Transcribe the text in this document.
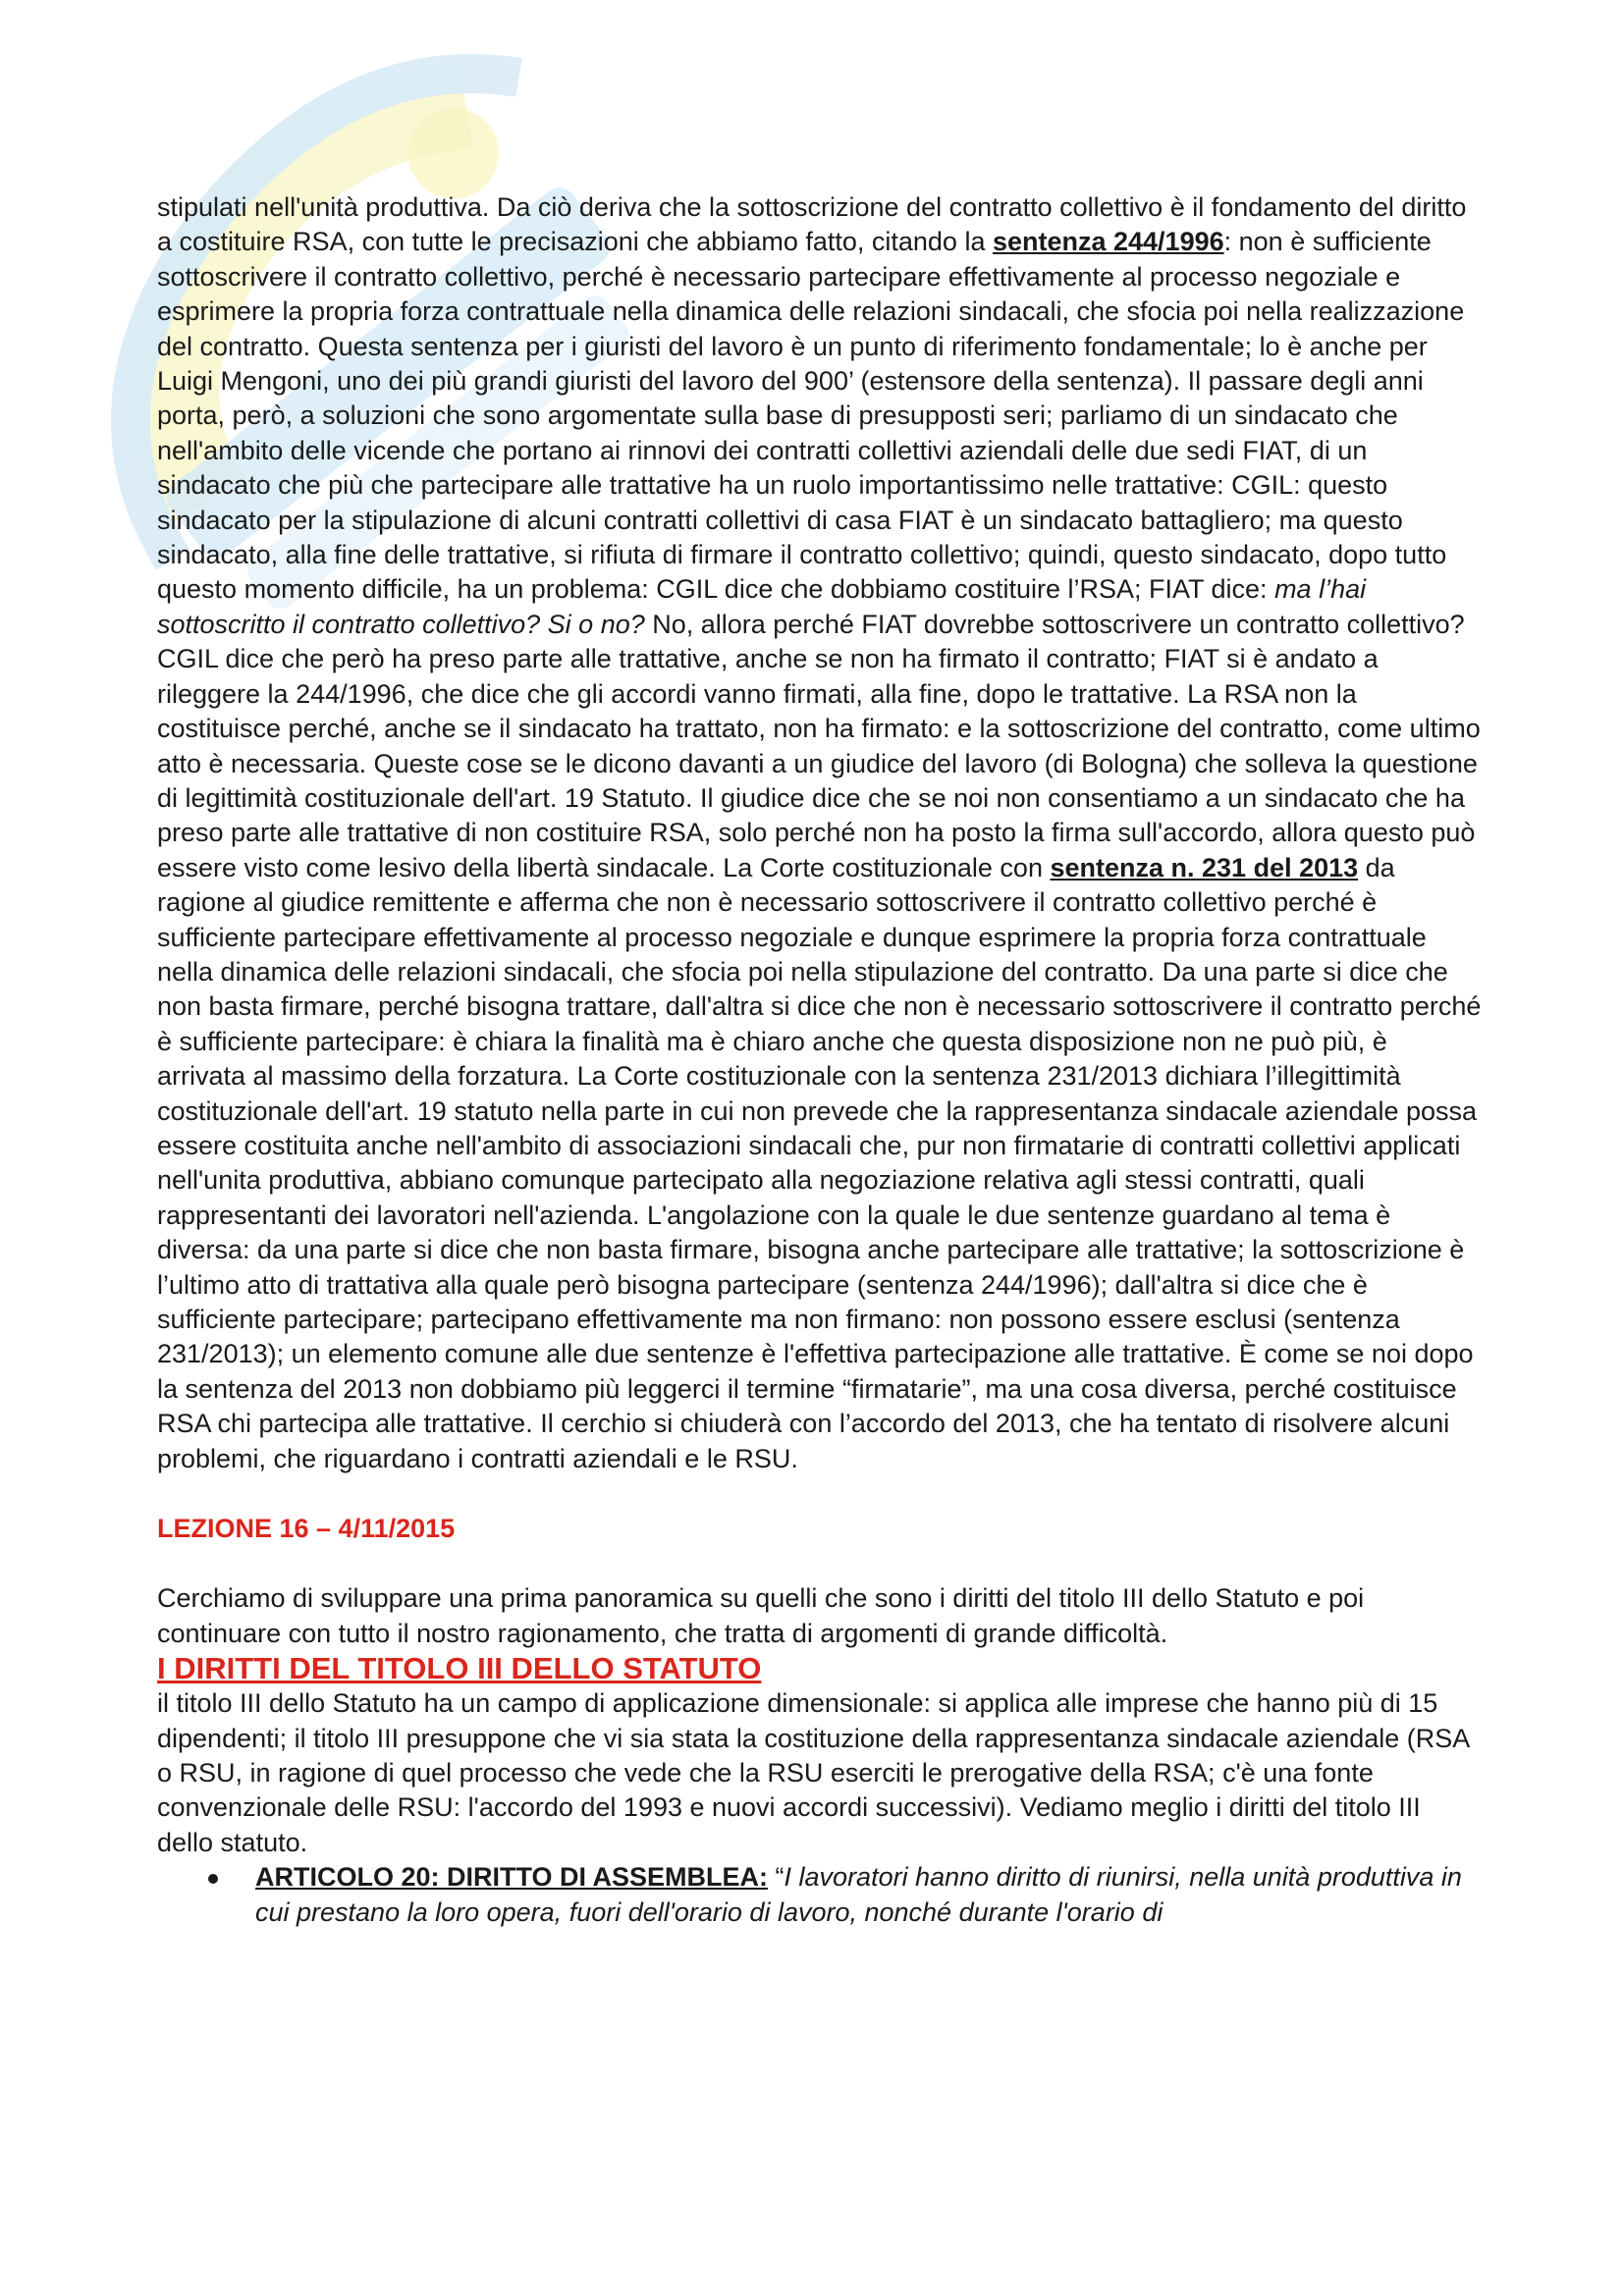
stipulati nell'unità produttiva. Da ciò deriva che la sottoscrizione del contratto collettivo è il fondamento del diritto a costituire RSA, con tutte le precisazioni che abbiamo fatto, citando la sentenza 244/1996: non è sufficiente sottoscrivere il contratto collettivo, perché è necessario partecipare effettivamente al processo negoziale e esprimere la propria forza contrattuale nella dinamica delle relazioni sindacali, che sfocia poi nella realizzazione del contratto. Questa sentenza per i giuristi del lavoro è un punto di riferimento fondamentale; lo è anche per Luigi Mengoni, uno dei più grandi giuristi del lavoro del 900’ (estensore della sentenza). Il passare degli anni porta, però, a soluzioni che sono argomentate sulla base di presupposti seri; parliamo di un sindacato che nell'ambito delle vicende che portano ai rinnovi dei contratti collettivi aziendali delle due sedi FIAT, di un sindacato che più che partecipare alle trattative ha un ruolo importantissimo nelle trattative: CGIL: questo sindacato per la stipulazione di alcuni contratti collettivi di casa FIAT è un sindacato battagliero; ma questo sindacato, alla fine delle trattative, si rifiuta di firmare il contratto collettivo; quindi, questo sindacato, dopo tutto questo momento difficile, ha un problema: CGIL dice che dobbiamo costituire l’RSA; FIAT dice: ma l’hai sottoscritto il contratto collettivo? Si o no? No, allora perché FIAT dovrebbe sottoscrivere un contratto collettivo? CGIL dice che però ha preso parte alle trattative, anche se non ha firmato il contratto; FIAT si è andato a rileggere la 244/1996, che dice che gli accordi vanno firmati, alla fine, dopo le trattative. La RSA non la costituisce perché, anche se il sindacato ha trattato, non ha firmato: e la sottoscrizione del contratto, come ultimo atto è necessaria. Queste cose se le dicono davanti a un giudice del lavoro (di Bologna) che solleva la questione di legittimità costituzionale dell'art. 19 Statuto. Il giudice dice che se noi non consentiamo a un sindacato che ha preso parte alle trattative di non costituire RSA, solo perché non ha posto la firma sull'accordo, allora questo può essere visto come lesivo della libertà sindacale. La Corte costituzionale con sentenza n. 231 del 2013 da ragione al giudice remittente e afferma che non è necessario sottoscrivere il contratto collettivo perché è sufficiente partecipare effettivamente al processo negoziale e dunque esprimere la propria forza contrattuale nella dinamica delle relazioni sindacali, che sfocia poi nella stipulazione del contratto. Da una parte si dice che non basta firmare, perché bisogna trattare, dall'altra si dice che non è necessario sottoscrivere il contratto perché è sufficiente partecipare: è chiara la finalità ma è chiaro anche che questa disposizione non ne può più, è arrivata al massimo della forzatura. La Corte costituzionale con la sentenza 231/2013 dichiara l’illegittimità costituzionale dell'art. 19 statuto nella parte in cui non prevede che la rappresentanza sindacale aziendale possa essere costituita anche nell'ambito di associazioni sindacali che, pur non firmatarie di contratti collettivi applicati nell'unita produttiva, abbiano comunque partecipato alla negoziazione relativa agli stessi contratti, quali rappresentanti dei lavoratori nell'azienda. L'angolazione con la quale le due sentenze guardano al tema è diversa: da una parte si dice che non basta firmare, bisogna anche partecipare alle trattative; la sottoscrizione è l’ultimo atto di trattativa alla quale però bisogna partecipare (sentenza 244/1996); dall'altra si dice che è sufficiente partecipare; partecipano effettivamente ma non firmano: non possono essere esclusi (sentenza 231/2013); un elemento comune alle due sentenze è l'effettiva partecipazione alle trattative. È come se noi dopo la sentenza del 2013 non dobbiamo più leggerci il termine “firmatarie”, ma una cosa diversa, perché costituisce RSA chi partecipa alle trattative. Il cerchio si chiuderà con l’accordo del 2013, che ha tentato di risolvere alcuni problemi, che riguardano i contratti aziendali e le RSU.

LEZIONE 16 – 4/11/2015

Cerchiamo di sviluppare una prima panoramica su quelli che sono i diritti del titolo III dello Statuto e poi continuare con tutto il nostro ragionamento, che tratta di argomenti di grande difficoltà.

I DIRITTI DEL TITOLO III DELLO STATUTO

il titolo III dello Statuto ha un campo di applicazione dimensionale: si applica alle imprese che hanno più di 15 dipendenti; il titolo III presuppone che vi sia stata la costituzione della rappresentanza sindacale aziendale (RSA o RSU, in ragione di quel processo che vede che la RSU eserciti le prerogative della RSA; c'è una fonte convenzionale delle RSU: l'accordo del 1993 e nuovi accordi successivi). Vediamo meglio i diritti del titolo III dello statuto.

ARTICOLO 20: DIRITTO DI ASSEMBLEA: “I lavoratori hanno diritto di riunirsi, nella unità produttiva in cui prestano la loro opera, fuori dell'orario di lavoro, nonché durante l'orario di
